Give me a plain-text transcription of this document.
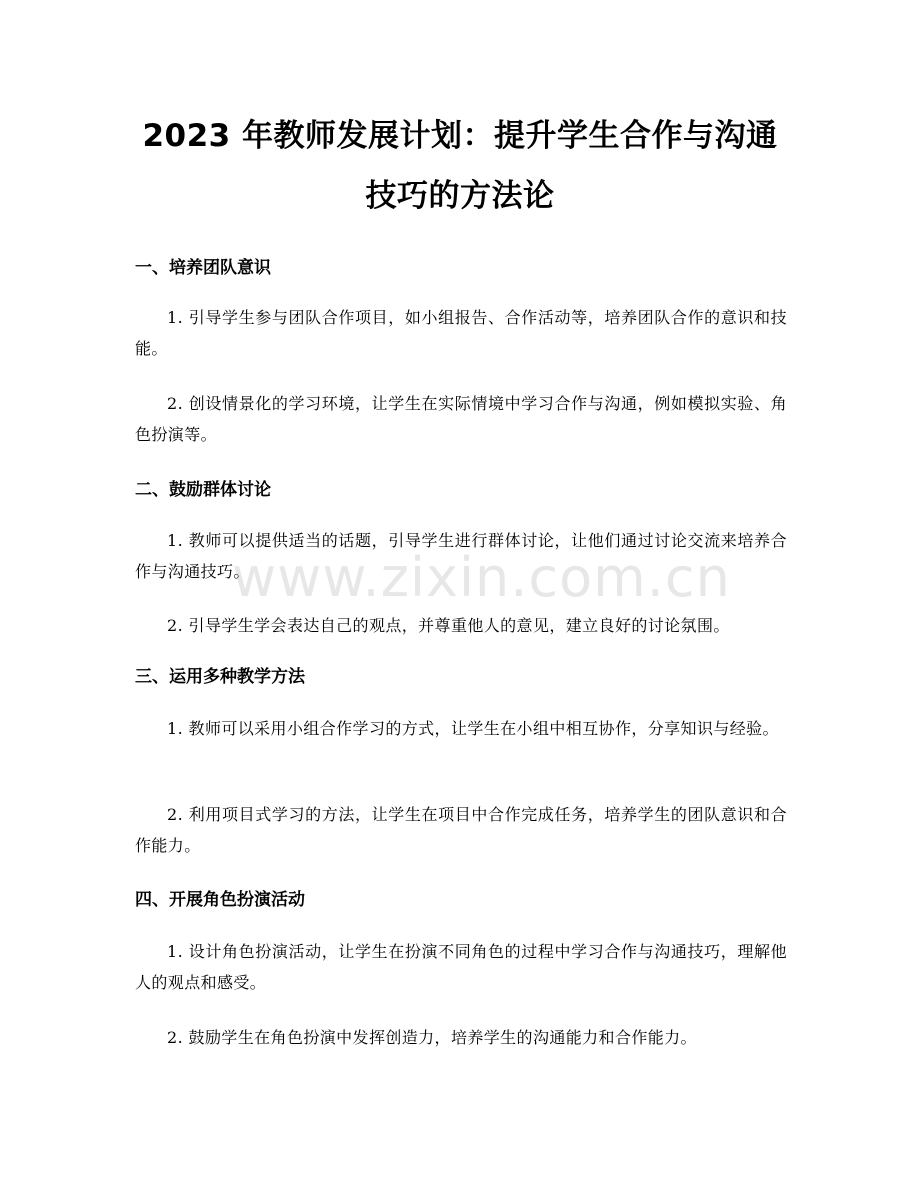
2023 年教师发展计划：提升学生合作与沟通
技巧的方法论
一、培养团队意识

1. 引导学生参与团队合作项目，如小组报告、合作活动等，培养团队合作的意识和技能。

2. 创设情景化的学习环境，让学生在实际情境中学习合作与沟通，例如模拟实验、角色扮演等。

二、鼓励群体讨论

1. 教师可以提供适当的话题，引导学生进行群体讨论，让他们通过讨论交流来培养合作与沟通技巧。

2. 引导学生学会表达自己的观点，并尊重他人的意见，建立良好的讨论氛围。

三、运用多种教学方法

1. 教师可以采用小组合作学习的方式，让学生在小组中相互协作，分享知识与经验。

2. 利用项目式学习的方法，让学生在项目中合作完成任务，培养学生的团队意识和合作能力。

四、开展角色扮演活动

1. 设计角色扮演活动，让学生在扮演不同角色的过程中学习合作与沟通技巧，理解他人的观点和感受。

2. 鼓励学生在角色扮演中发挥创造力，培养学生的沟通能力和合作能力。

www.zixin.com.cn
